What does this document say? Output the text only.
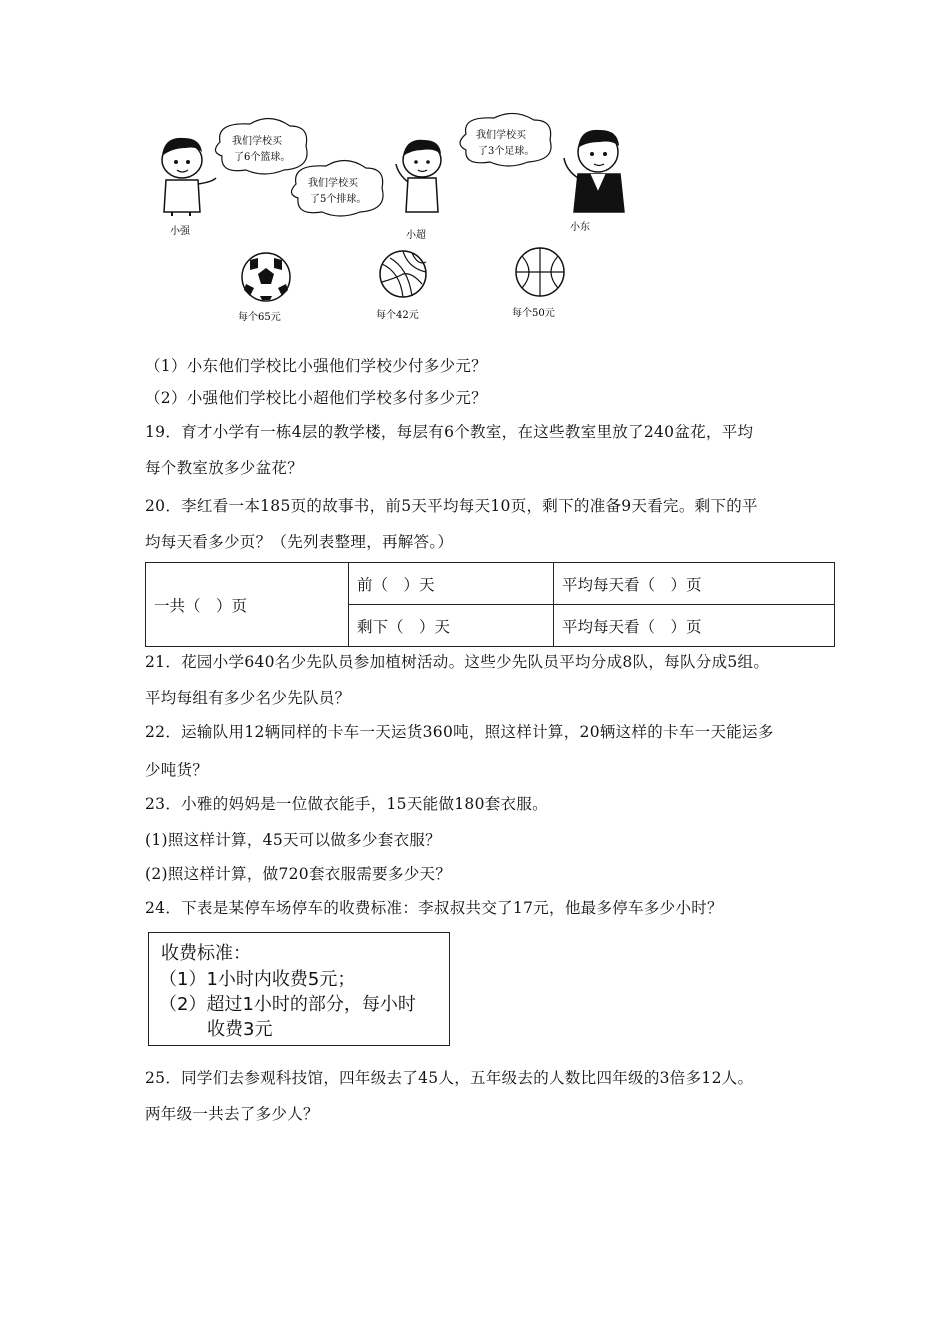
小强
我们学校买
了6个篮球。
我们学校买
了5个排球。
小超
我们学校买
了3个足球。
小东
每个65元	每个42元	每个50元
（1）小东他们学校比小强他们学校少付多少元？
（2）小强他们学校比小超他们学校多付多少元？
19．育才小学有一栋4层的教学楼，每层有6个教室，在这些教室里放了240盆花，平均
每个教室放多少盆花？
20．李红看一本185页的故事书，前5天平均每天10页，剩下的准备9天看完。剩下的平
均每天看多少页？（先列表整理，再解答。）
一共（　）页	前（　）天	平均每天看（　）页
	剩下（　）天	平均每天看（　）页
21．花园小学640名少先队员参加植树活动。这些少先队员平均分成8队，每队分成5组。
平均每组有多少名少先队员？
22．运输队用12辆同样的卡车一天运货360吨，照这样计算，20辆这样的卡车一天能运多
少吨货？
23．小雅的妈妈是一位做衣能手，15天能做180套衣服。
(1)照这样计算，45天可以做多少套衣服？
(2)照这样计算，做720套衣服需要多少天？
24．下表是某停车场停车的收费标准：李叔叔共交了17元，他最多停车多少小时？
收费标准：
（1）1小时内收费5元；
（2）超过1小时的部分，每小时
收费3元
25．同学们去参观科技馆，四年级去了45人，五年级去的人数比四年级的3倍多12人。
两年级一共去了多少人？
